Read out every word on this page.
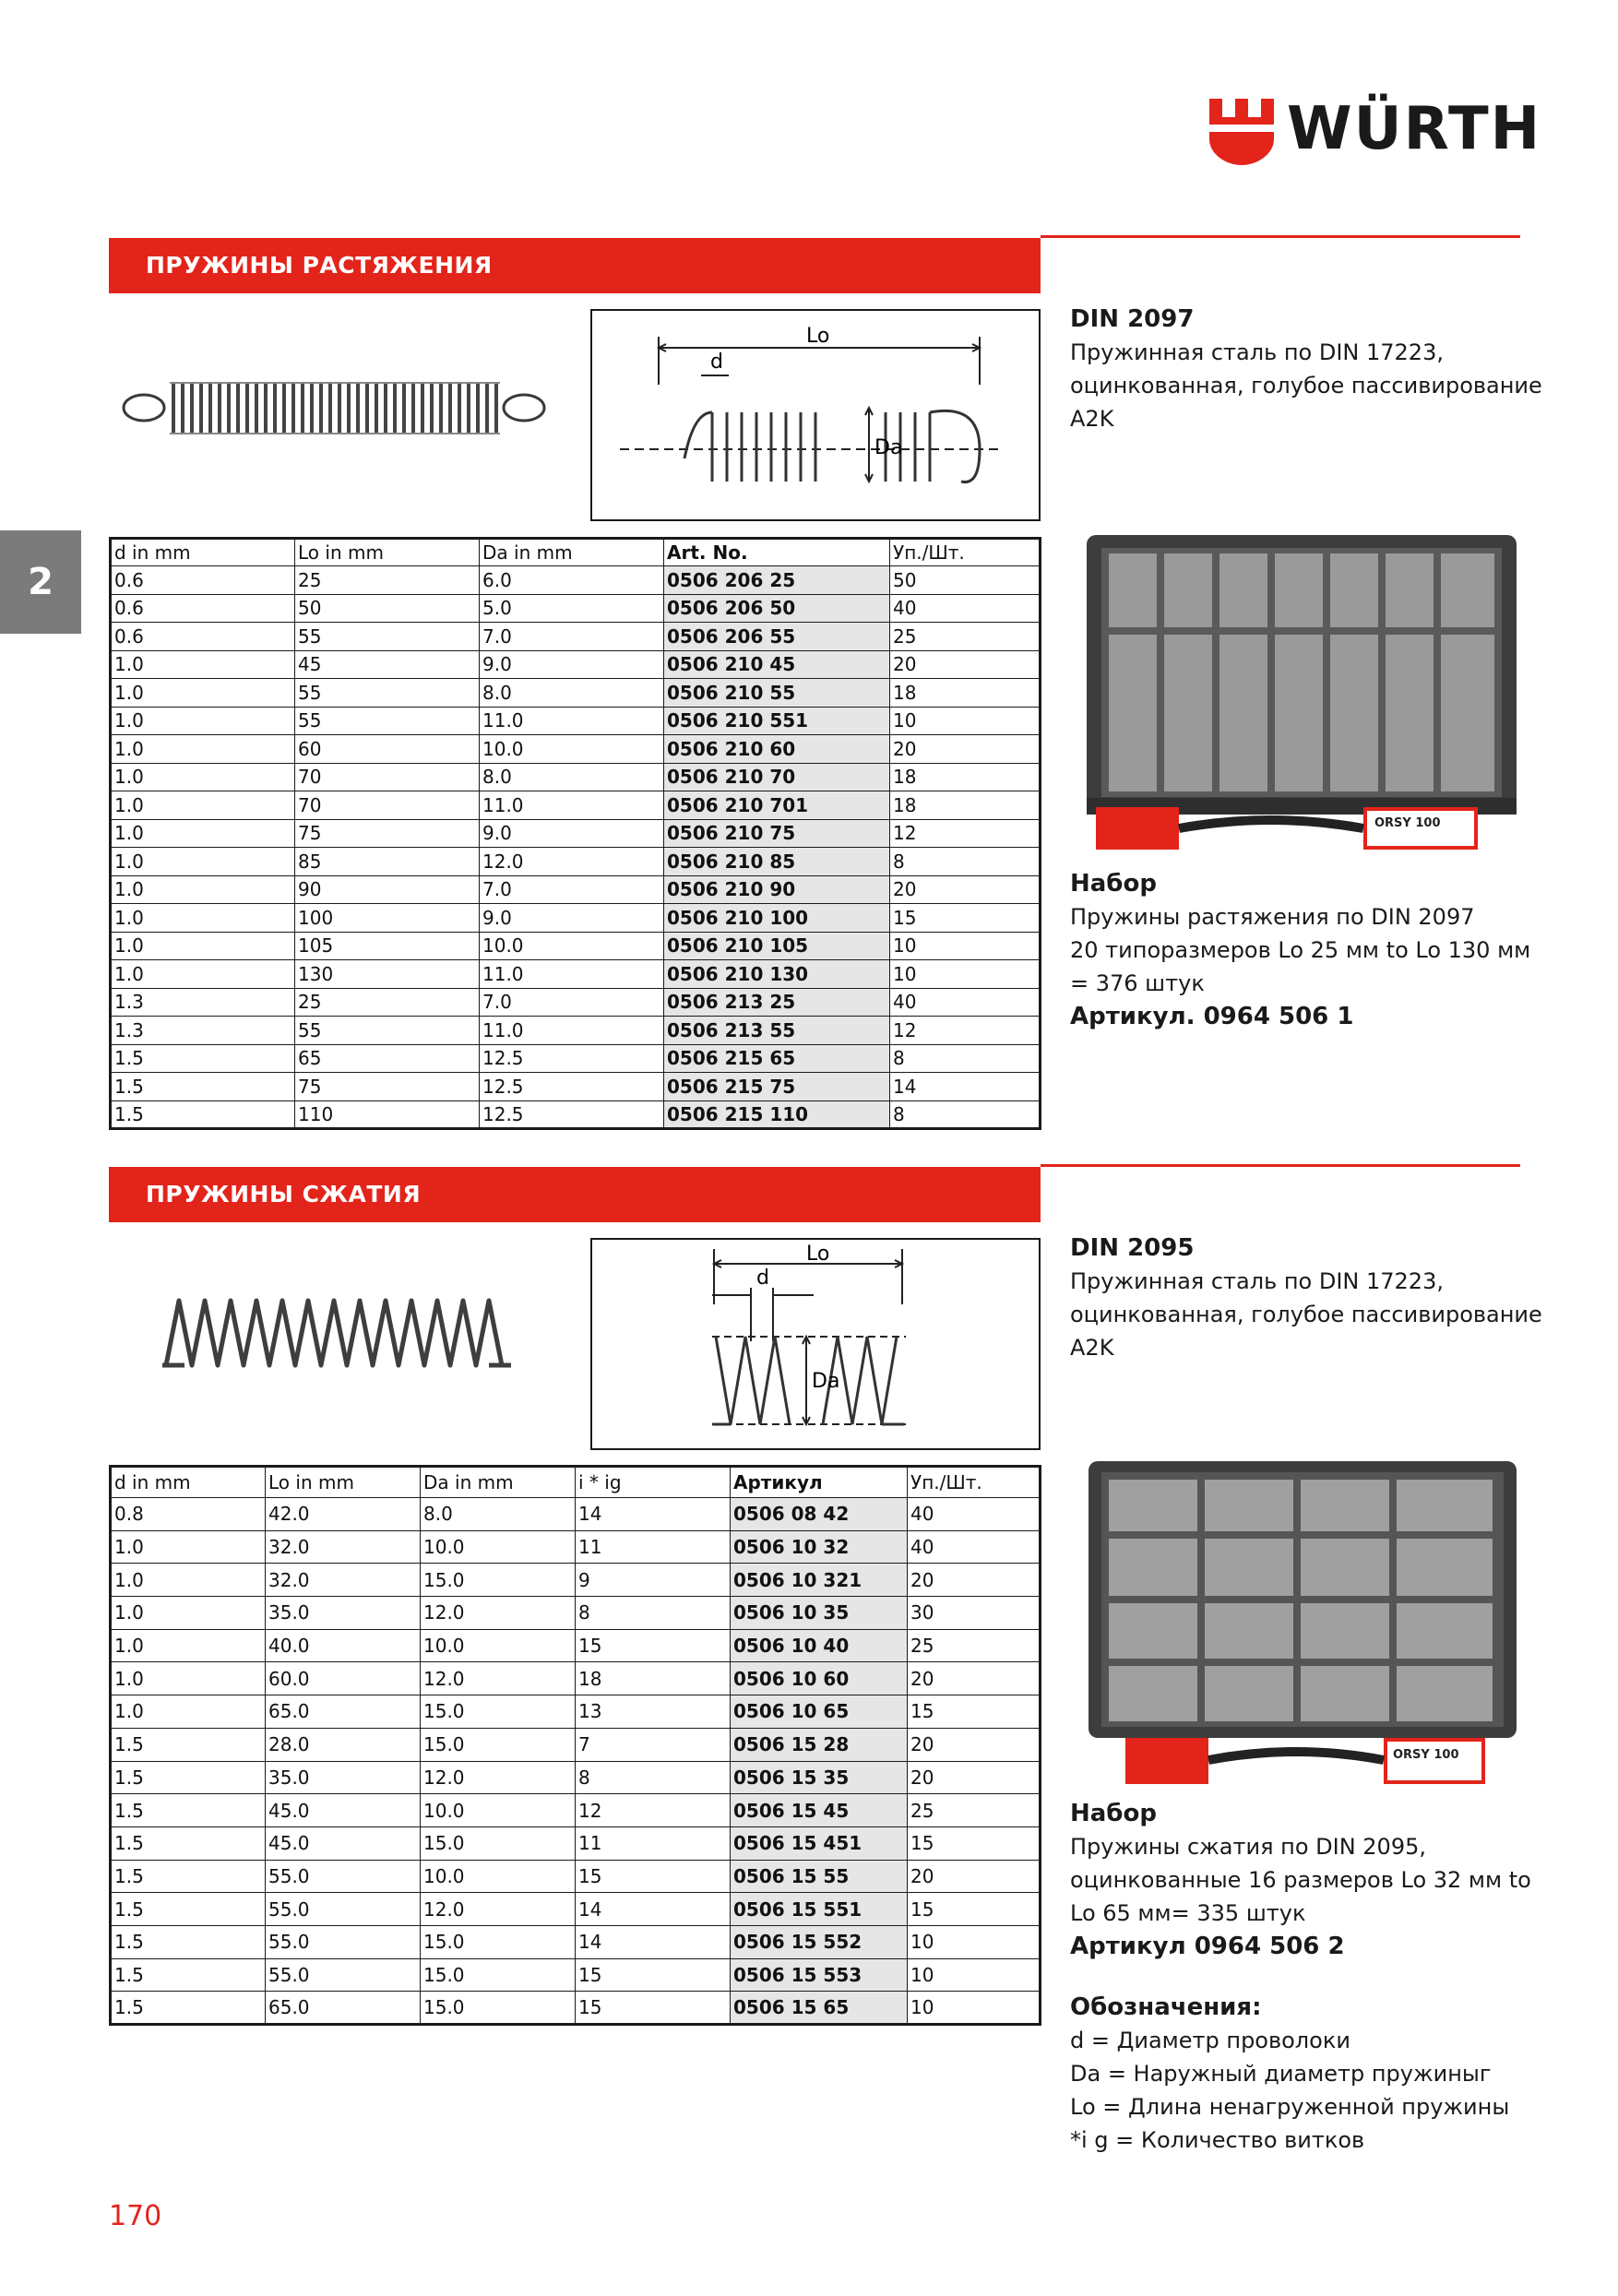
WÜRTH
2
ПРУЖИНЫ РАСТЯЖЕНИЯ
Lo
d
Da

DIN 2097

Пружинная сталь по DIN 17223,

оцинкованная, голубое пассивирование

A2K

d in mm	Lo in mm	Da in mm	Art. No.	Уп./Шт.
0.6	25	6.0	0506 206 25	50
0.6	50	5.0	0506 206 50	40
0.6	55	7.0	0506 206 55	25
1.0	45	9.0	0506 210 45	20
1.0	55	8.0	0506 210 55	18
1.0	55	11.0	0506 210 551	10
1.0	60	10.0	0506 210 60	20
1.0	70	8.0	0506 210 70	18
1.0	70	11.0	0506 210 701	18
1.0	75	9.0	0506 210 75	12
1.0	85	12.0	0506 210 85	8
1.0	90	7.0	0506 210 90	20
1.0	100	9.0	0506 210 100	15
1.0	105	10.0	0506 210 105	10
1.0	130	11.0	0506 210 130	10
1.3	25	7.0	0506 213 25	40
1.3	55	11.0	0506 213 55	12
1.5	65	12.5	0506 215 65	8
1.5	75	12.5	0506 215 75	14
1.5	110	12.5	0506 215 110	8
ORSY 100

Набор

Пружины растяжения по DIN 2097

20 типоразмеров Lo 25 мм to Lo 130 мм

= 376 штук

Артикул. 0964 506 1

ПРУЖИНЫ СЖАТИЯ
Lo
d
Da

DIN 2095

Пружинная сталь по DIN 17223,

оцинкованная, голубое пассивирование

A2K

d in mm	Lo in mm	Da in mm	i * ig	Артикул	Уп./Шт.
0.8	42.0	8.0	14	0506 08 42	40
1.0	32.0	10.0	11	0506 10 32	40
1.0	32.0	15.0	9	0506 10 321	20
1.0	35.0	12.0	8	0506 10 35	30
1.0	40.0	10.0	15	0506 10 40	25
1.0	60.0	12.0	18	0506 10 60	20
1.0	65.0	15.0	13	0506 10 65	15
1.5	28.0	15.0	7	0506 15 28	20
1.5	35.0	12.0	8	0506 15 35	20
1.5	45.0	10.0	12	0506 15 45	25
1.5	45.0	15.0	11	0506 15 451	15
1.5	55.0	10.0	15	0506 15 55	20
1.5	55.0	12.0	14	0506 15 551	15
1.5	55.0	15.0	14	0506 15 552	10
1.5	55.0	15.0	15	0506 15 553	10
1.5	65.0	15.0	15	0506 15 65	10
ORSY 100

Набор

Пружины сжатия по DIN 2095,

оцинкованные 16 размеров Lo 32 мм to

Lo 65 мм= 335 штук

Артикул 0964 506 2

Обозначения:

d = Диаметр проволоки

Da = Наружный диаметр пружиныг

Lo = Длина ненагруженной пружины

*i g = Количество витков

170
